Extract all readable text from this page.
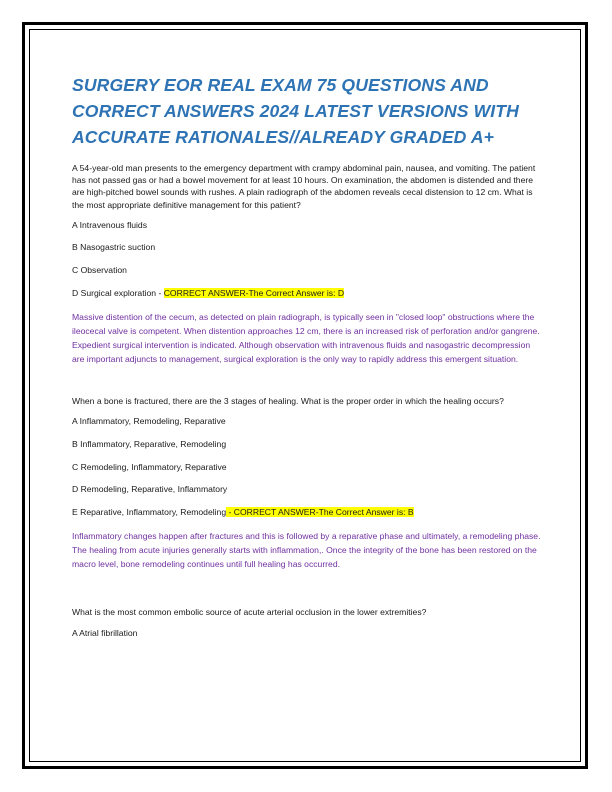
SURGERY EOR REAL EXAM 75 QUESTIONS AND CORRECT ANSWERS 2024 LATEST VERSIONS WITH ACCURATE RATIONALES//ALREADY GRADED A+

A 54-year-old man presents to the emergency department with crampy abdominal pain, nausea, and vomiting. The patient has not passed gas or had a bowel movement for at least 10 hours. On examination, the abdomen is distended and there are high-pitched bowel sounds with rushes. A plain radiograph of the abdomen reveals cecal distension to 12 cm. What is the most appropriate definitive management for this patient?

A Intravenous fluids

B Nasogastric suction

C Observation

D Surgical exploration - CORRECT ANSWER-The Correct Answer is: D

Massive distention of the cecum, as detected on plain radiograph, is typically seen in "closed loop" obstructions where the ileocecal valve is competent. When distention approaches 12 cm, there is an increased risk of perforation and/or gangrene. Expedient surgical intervention is indicated. Although observation with intravenous fluids and nasogastric decompression are important adjuncts to management, surgical exploration is the only way to rapidly address this emergent situation.

When a bone is fractured, there are the 3 stages of healing. What is the proper order in which the healing occurs?

A Inflammatory, Remodeling, Reparative

B Inflammatory, Reparative, Remodeling

C Remodeling, Inflammatory, Reparative

D Remodeling, Reparative, Inflammatory

E Reparative, Inflammatory, Remodeling - CORRECT ANSWER-The Correct Answer is: B

Inflammatory changes happen after fractures and this is followed by a reparative phase and ultimately, a remodeling phase. The healing from acute injuries generally starts with inflammation,. Once the integrity of the bone has been restored on the macro level, bone remodeling continues until full healing has occurred.

What is the most common embolic source of acute arterial occlusion in the lower extremities?

A Atrial fibrillation
